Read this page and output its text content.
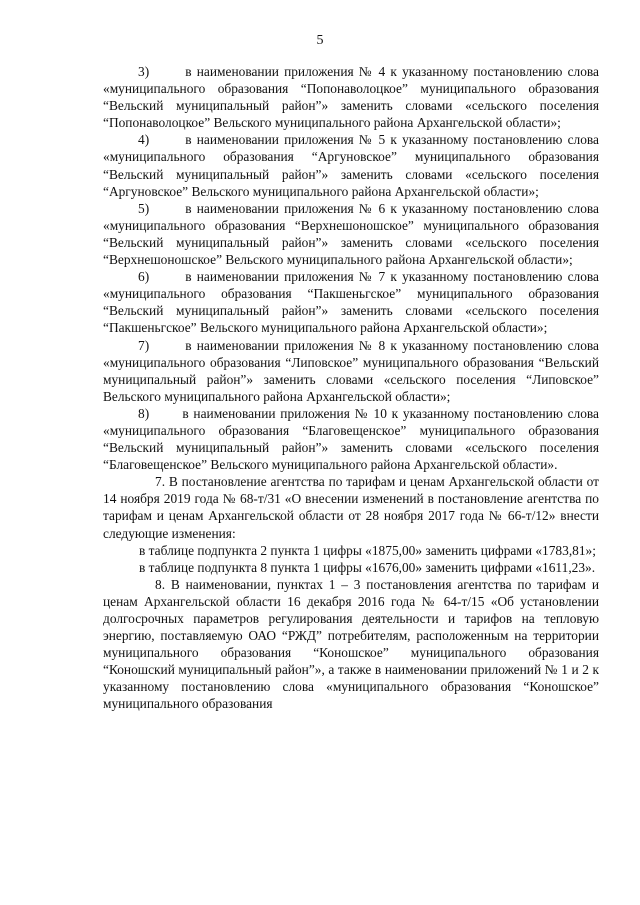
5

3)       в наименовании приложения № 4 к указанному постановлению слова «муниципального образования “Попонаволоцкое” муниципального образования “Вельский муниципальный район”» заменить словами «сельского поселения “Попонаволоцкое” Вельского муниципального района Архангельской области»;

4)       в наименовании приложения № 5 к указанному постановлению слова «муниципального образования “Аргуновское” муниципального образования “Вельский муниципальный район”» заменить словами «сельского поселения “Аргуновское” Вельского муниципального района Архангельской области»;

5)       в наименовании приложения № 6 к указанному постановлению слова «муниципального образования “Верхнешоношское” муниципального образования “Вельский муниципальный район”» заменить словами «сельского поселения “Верхнешоношское” Вельского муниципального района Архангельской области»;

6)       в наименовании приложения № 7 к указанному постановлению слова «муниципального образования “Пакшеньгское” муниципального образования “Вельский муниципальный район”» заменить словами «сельского поселения “Пакшеньгское” Вельского муниципального района Архангельской области»;

7)       в наименовании приложения № 8 к указанному постановлению слова «муниципального образования “Липовское” муниципального образования “Вельский муниципальный район”» заменить словами «сельского поселения “Липовское” Вельского муниципального района Архангельской области»;

8)       в наименовании приложения № 10 к указанному постановлению слова «муниципального образования “Благовещенское” муниципального образования “Вельский муниципальный район”» заменить словами «сельского поселения “Благовещенское” Вельского муниципального района Архангельской области».

7. В постановление агентства по тарифам и ценам Архангельской области от 14 ноября 2019 года № 68-т/31 «О внесении изменений в постановление агентства по тарифам и ценам Архангельской области от 28 ноября 2017 года № 66-т/12» внести следующие изменения:

в таблице подпункта 2 пункта 1 цифры «1875,00» заменить цифрами «1783,81»;

в таблице подпункта 8 пункта 1 цифры «1676,00» заменить цифрами «1611,23».

8. В наименовании, пунктах 1 – 3 постановления агентства по тарифам и ценам Архангельской области 16 декабря 2016 года № 64-т/15 «Об установлении долгосрочных параметров регулирования деятельности и тарифов на тепловую энергию, поставляемую ОАО “РЖД” потребителям, расположенным на территории муниципального образования “Коношское” муниципального образования “Коношский муниципальный район”», а также в наименовании приложений № 1 и 2 к указанному постановлению слова «муниципального образования “Коношское” муниципального образования
